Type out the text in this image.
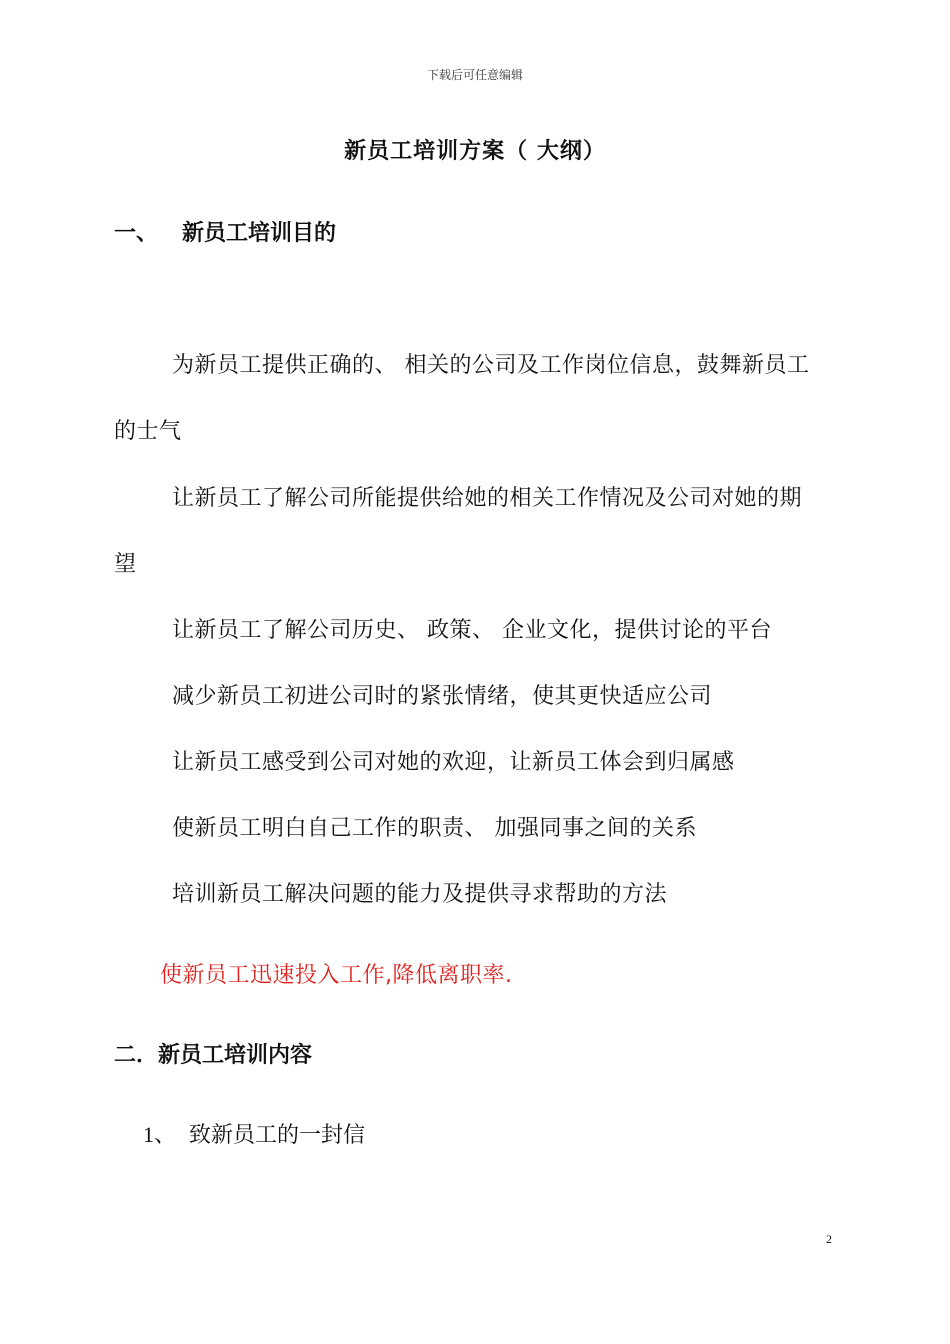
下载后可任意编辑
新员工培训方案（ 大纲）
一、 新员工培训目的
为新员工提供正确的、 相关的公司及工作岗位信息，鼓舞新员工
的士气
让新员工了解公司所能提供给她的相关工作情况及公司对她的期
望
让新员工了解公司历史、 政策、 企业文化，提供讨论的平台
减少新员工初进公司时的紧张情绪，使其更快适应公司
让新员工感受到公司对她的欢迎，让新员工体会到归属感
使新员工明白自己工作的职责、 加强同事之间的关系
培训新员工解决问题的能力及提供寻求帮助的方法
使新员工迅速投入工作,降低离职率.
二．新员工培训内容
1、 致新员工的一封信
2
